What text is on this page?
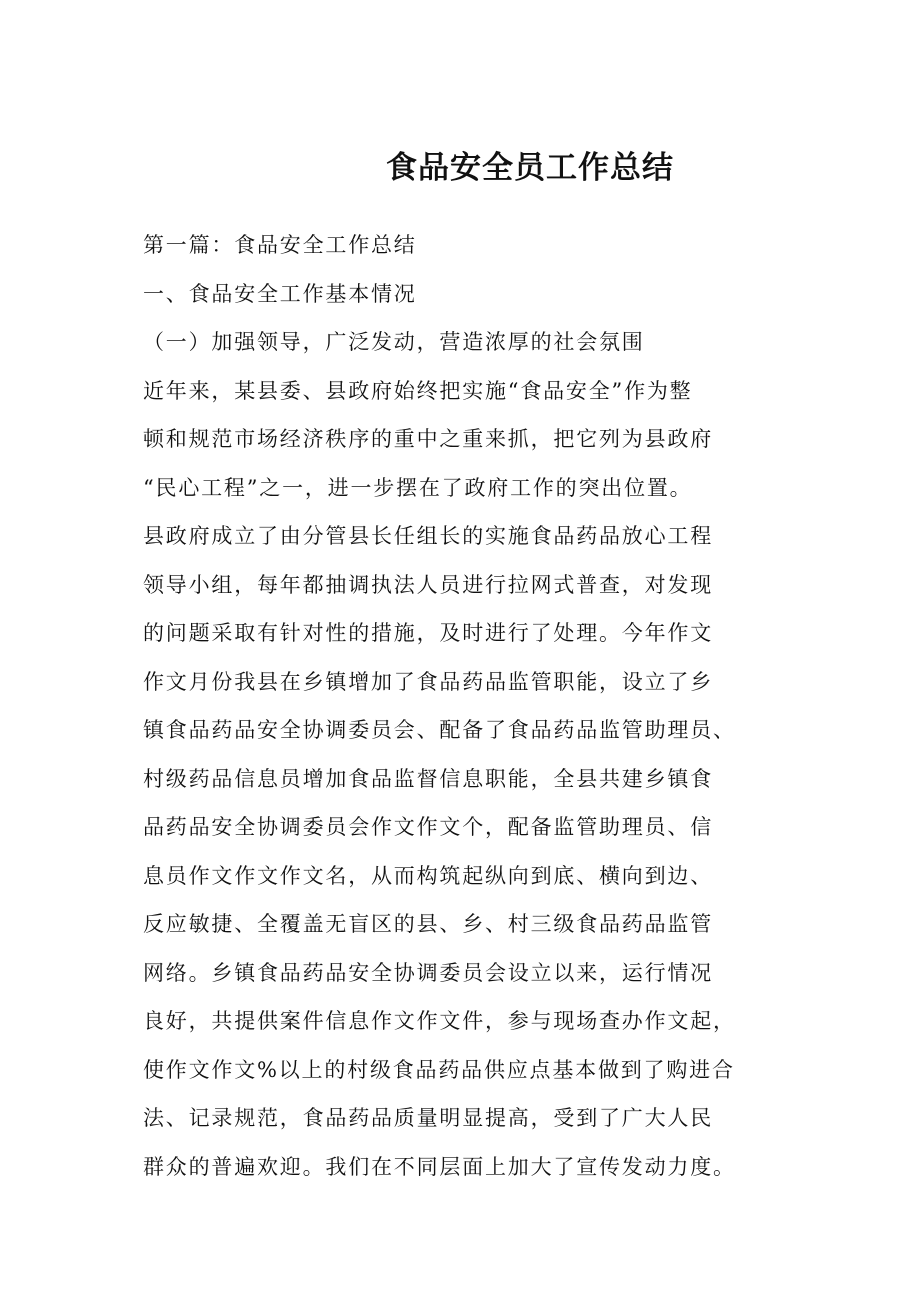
食品安全员工作总结
第一篇：食品安全工作总结
一、食品安全工作基本情况
（一）加强领导，广泛发动，营造浓厚的社会氛围
近年来，某县委、县政府始终把实施“食品安全”作为整
顿和规范市场经济秩序的重中之重来抓，把它列为县政府
“民心工程”之一，进一步摆在了政府工作的突出位置。
县政府成立了由分管县长任组长的实施食品药品放心工程
领导小组，每年都抽调执法人员进行拉网式普查，对发现
的问题采取有针对性的措施，及时进行了处理。今年作文
作文月份我县在乡镇增加了食品药品监管职能，设立了乡
镇食品药品安全协调委员会、配备了食品药品监管助理员、
村级药品信息员增加食品监督信息职能，全县共建乡镇食
品药品安全协调委员会作文作文个，配备监管助理员、信
息员作文作文作文名，从而构筑起纵向到底、横向到边、
反应敏捷、全覆盖无盲区的县、乡、村三级食品药品监管
网络。乡镇食品药品安全协调委员会设立以来，运行情况
良好，共提供案件信息作文作文件，参与现场查办作文起，
使作文作文%以上的村级食品药品供应点基本做到了购进合
法、记录规范，食品药品质量明显提高，受到了广大人民
群众的普遍欢迎。我们在不同层面上加大了宣传发动力度。
